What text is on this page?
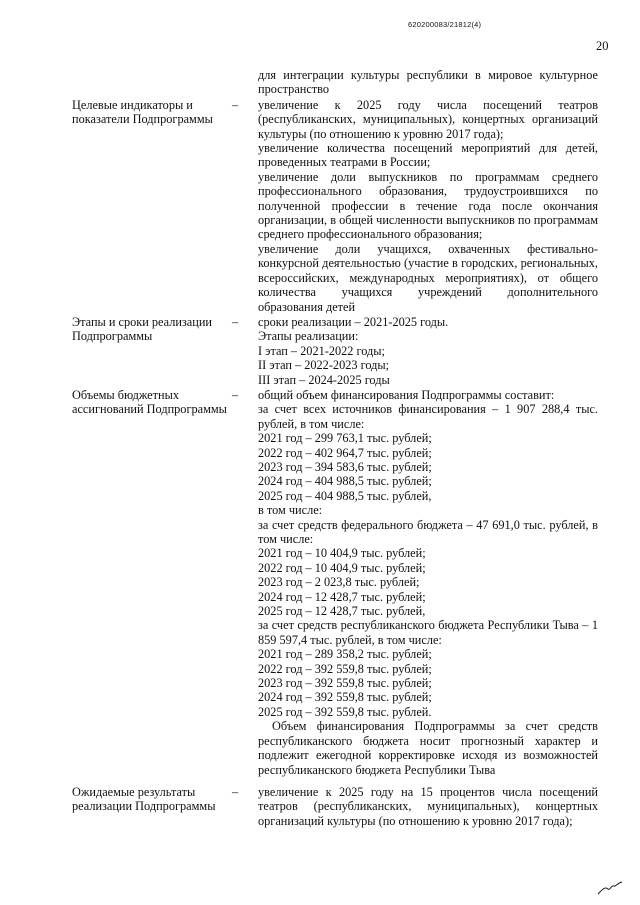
620200083/21812(4)
20

для интеграции культуры республики в мировое культурное пространство

Целевые индикаторы и показатели Подпрограммы
–	увеличение к 2025 году числа посещений театров (республиканских, муниципальных), концертных организаций культуры (по отношению к уровню 2017 года);

увеличение количества посещений мероприятий для детей, проведенных театрами в России;

увеличение доли выпускников по программам среднего профессионального образования, трудоустроившихся по полученной профессии в течение года после окончания организации, в общей численности выпускников по программам среднего профессионального образования;

увеличение доли учащихся, охваченных фестивально-конкурсной деятельностью (участие в городских, региональных, всероссийских, международных мероприятиях), от общего количества учащихся учреждений дополнительного образования детей

Этапы и сроки реализации Подпрограммы
–	сроки реализации – 2021-2025 годы.
Этапы реализации:
I этап – 2021-2022 годы;
II этап – 2022-2023 годы;
III этап – 2024-2025 годы
Объемы бюджетных ассигнований Подпрограммы
–	общий объем финансирования Подпрограммы составит:

за счет всех источников финансирования – 1 907 288,4 тыс. рублей, в том числе:

2021 год – 299 763,1 тыс. рублей;
2022 год – 402 964,7 тыс. рублей;
2023 год – 394 583,6 тыс. рублей;
2024 год – 404 988,5 тыс. рублей;
2025 год – 404 988,5 тыс. рублей,
в том числе:

за счет средств федерального бюджета – 47 691,0 тыс. рублей, в том числе:

2021 год – 10 404,9 тыс. рублей;
2022 год – 10 404,9 тыс. рублей;
2023 год – 2 023,8 тыс. рублей;
2024 год – 12 428,7 тыс. рублей;
2025 год – 12 428,7 тыс. рублей,

за счет средств республиканского бюджета Республики Тыва – 1 859 597,4 тыс. рублей, в том числе:

2021 год – 289 358,2 тыс. рублей;
2022 год – 392 559,8 тыс. рублей;
2023 год – 392 559,8 тыс. рублей;
2024 год – 392 559,8 тыс. рублей;
2025 год – 392 559,8 тыс. рублей.

Объем финансирования Подпрограммы за счет средств республиканского бюджета носит прогнозный характер и подлежит ежегодной корректировке исходя из возможностей республиканского бюджета Республики Тыва

Ожидаемые результаты реализации Подпрограммы
–	увеличение к 2025 году на 15 процентов числа посещений театров (республиканских, муниципальных), концертных организаций культуры (по отношению к уровню 2017 года);
